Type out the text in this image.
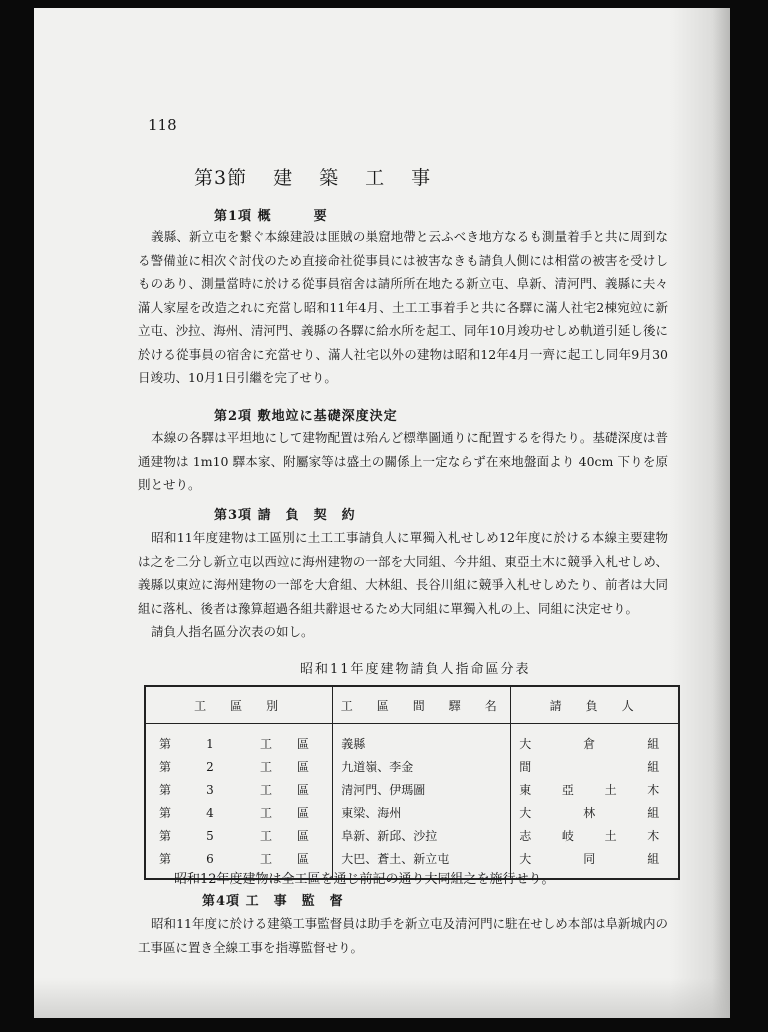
118
第3節 建 築 工 事
第1項 概　　　要
義縣、新立屯を繋ぐ本線建設は匪賊の巣窟地帶と云ふべき地方なるも測量着手と共に周到なる警備並に相次ぐ討伐のため直接命社從事員には被害なきも請負人側には相當の被害を受けしものあり、測量當時に於ける從事員宿舍は請所所在地たる新立屯、阜新、清河門、義縣に夫々滿人家屋を改造之れに充當し昭和11年4月、土工工事着手と共に各驛に滿人社宅2棟宛竝に新立屯、沙拉、海州、清河門、義縣の各驛に給水所を起工、同年10月竣功せしめ軌道引延し後に於ける從事員の宿舍に充當せり、滿人社宅以外の建物は昭和12年4月一齊に起工し同年9月30日竣功、10月1日引繼を完了せり。
第2項 敷地竝に基礎深度決定
本線の各驛は平坦地にして建物配置は殆んど標準圖通りに配置するを得たり。基礎深度は普通建物は 1m10 驛本家、附屬家等は盛土の關係上一定ならず在來地盤面より 40cm 下りを原則とせり。
第3項 請　負　契　約
昭和11年度建物は工區別に土工工事請負人に單獨入札せしめ12年度に於ける本線主要建物は之を二分し新立屯以西竝に海州建物の一部を大同組、今井組、東亞土木に競爭入札せしめ、義縣以東竝に海州建物の一部を大倉組、大林組、長谷川組に競爭入札せしめたり、前者は大同組に落札、後者は豫算超過各組共辭退せるため大同組に單獨入札の上、同組に決定せり。
請負人指名區分次表の如し。
昭和11年度建物請負人指命區分表
工　區　別	工　區　間　驛　名	請　負　人
第 1 工 區	義縣	大倉組
第 2 工 區	九道嶺、李金	間組
第 3 工 區	清河門、伊瑪圖	東亞土木
第 4 工 區	東梁、海州	大林組
第 5 工 區	阜新、新邱、沙拉	志岐土木
第 6 工 區	大巴、蒼土、新立屯	大同組
昭和12年度建物は全工區を通じ前記の通り大同組之を施行せり。
第4項 工　事　監　督
昭和11年度に於ける建築工事監督員は助手を新立屯及清河門に駐在せしめ本部は阜新城内の工事區に置き全線工事を指導監督せり。
